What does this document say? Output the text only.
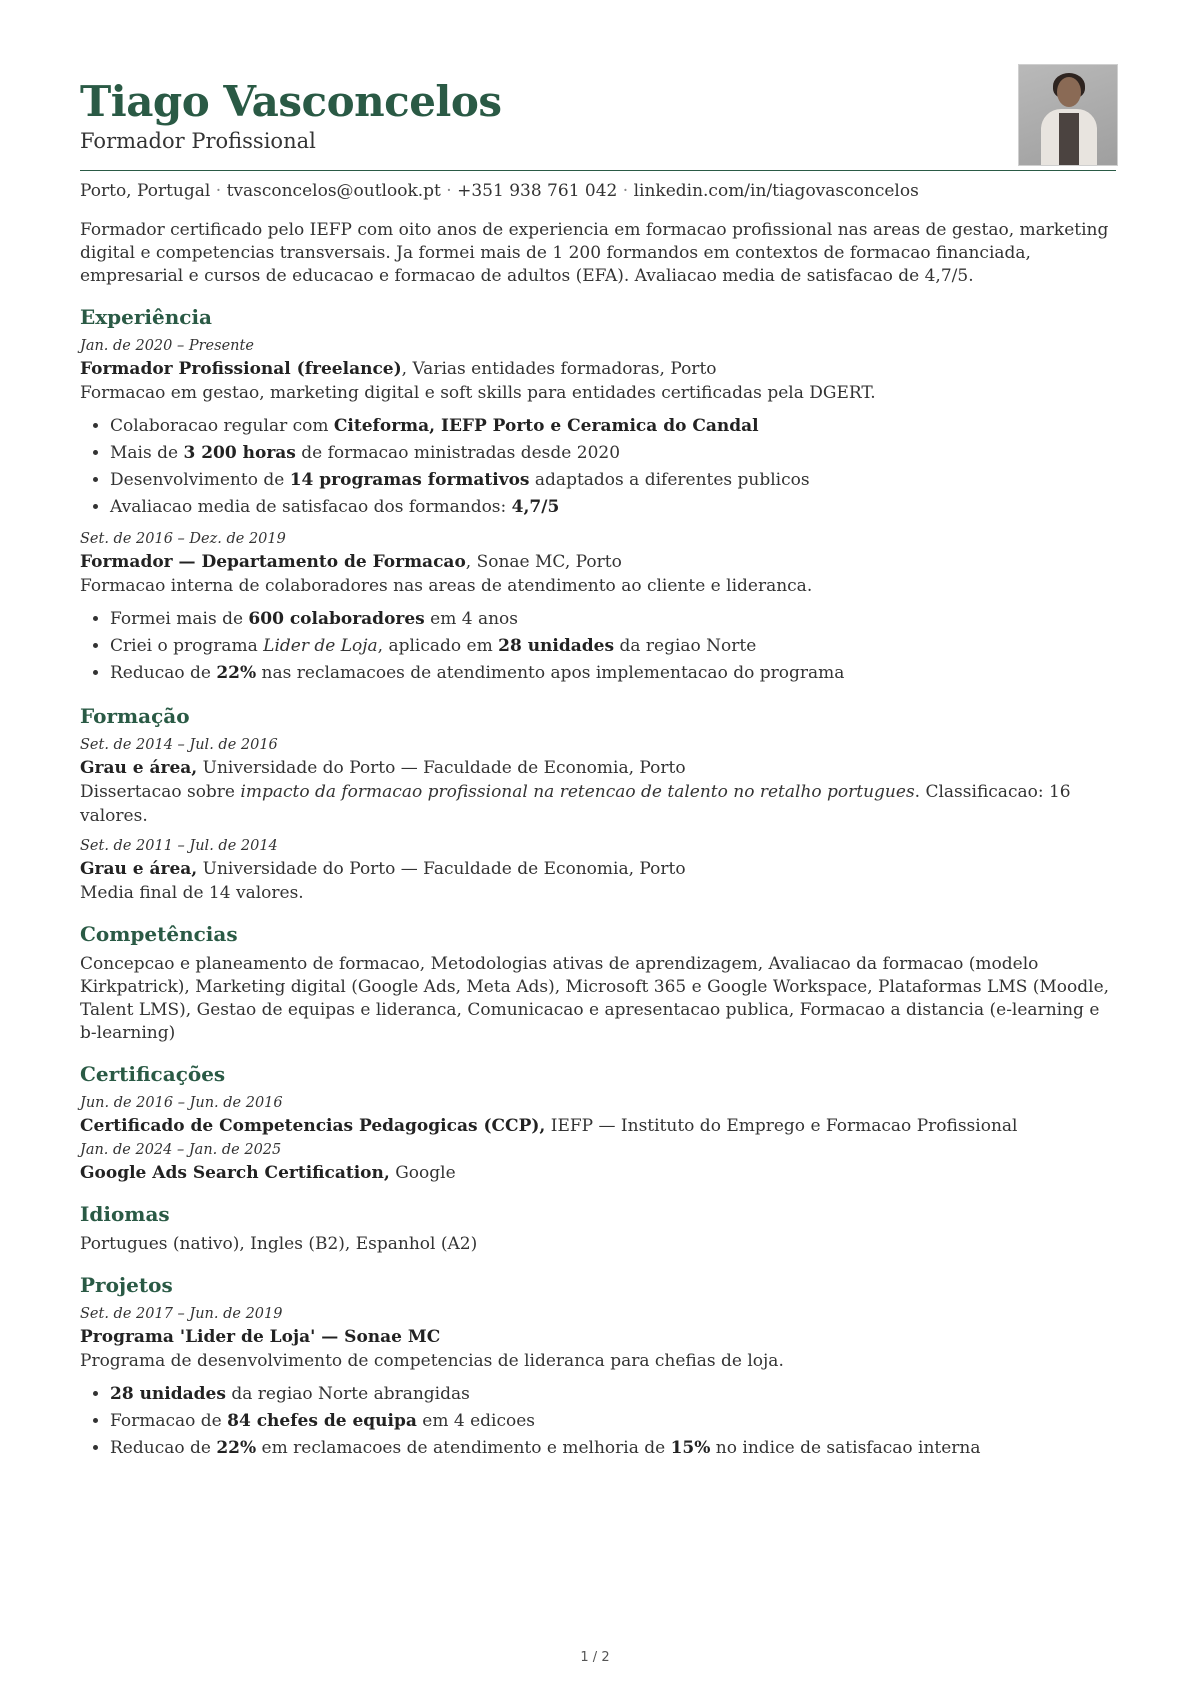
Tiago Vasconcelos
Formador Profissional
Porto, Portugal · tvasconcelos@outlook.pt · +351 938 761 042 · linkedin.com/in/tiagovasconcelos
Formador certificado pelo IEFP com oito anos de experiencia em formacao profissional nas areas de gestao, marketing digital e competencias transversais. Ja formei mais de 1 200 formandos em contextos de formacao financiada, empresarial e cursos de educacao e formacao de adultos (EFA). Avaliacao media de satisfacao de 4,7/5.
Experiência
Jan. de 2020 – Presente
Formador Profissional (freelance), Varias entidades formadoras, Porto
Formacao em gestao, marketing digital e soft skills para entidades certificadas pela DGERT.
• Colaboracao regular com Citeforma, IEFP Porto e Ceramica do Candal
• Mais de 3 200 horas de formacao ministradas desde 2020
• Desenvolvimento de 14 programas formativos adaptados a diferentes publicos
• Avaliacao media de satisfacao dos formandos: 4,7/5
Set. de 2016 – Dez. de 2019
Formador — Departamento de Formacao, Sonae MC, Porto
Formacao interna de colaboradores nas areas de atendimento ao cliente e lideranca.
• Formei mais de 600 colaboradores em 4 anos
• Criei o programa Lider de Loja, aplicado em 28 unidades da regiao Norte
• Reducao de 22% nas reclamacoes de atendimento apos implementacao do programa
Formação
Set. de 2014 – Jul. de 2016
Grau e área, Universidade do Porto — Faculdade de Economia, Porto
Dissertacao sobre impacto da formacao profissional na retencao de talento no retalho portugues. Classificacao: 16 valores.
Set. de 2011 – Jul. de 2014
Grau e área, Universidade do Porto — Faculdade de Economia, Porto
Media final de 14 valores.
Competências
Concepcao e planeamento de formacao, Metodologias ativas de aprendizagem, Avaliacao da formacao (modelo Kirkpatrick), Marketing digital (Google Ads, Meta Ads), Microsoft 365 e Google Workspace, Plataformas LMS (Moodle, Talent LMS), Gestao de equipas e lideranca, Comunicacao e apresentacao publica, Formacao a distancia (e-learning e b-learning)
Certificações
Jun. de 2016 – Jun. de 2016
Certificado de Competencias Pedagogicas (CCP), IEFP — Instituto do Emprego e Formacao Profissional
Jan. de 2024 – Jan. de 2025
Google Ads Search Certification, Google
Idiomas
Portugues (nativo), Ingles (B2), Espanhol (A2)
Projetos
Set. de 2017 – Jun. de 2019
Programa 'Lider de Loja' — Sonae MC
Programa de desenvolvimento de competencias de lideranca para chefias de loja.
• 28 unidades da regiao Norte abrangidas
• Formacao de 84 chefes de equipa em 4 edicoes
• Reducao de 22% em reclamacoes de atendimento e melhoria de 15% no indice de satisfacao interna
1 / 2
